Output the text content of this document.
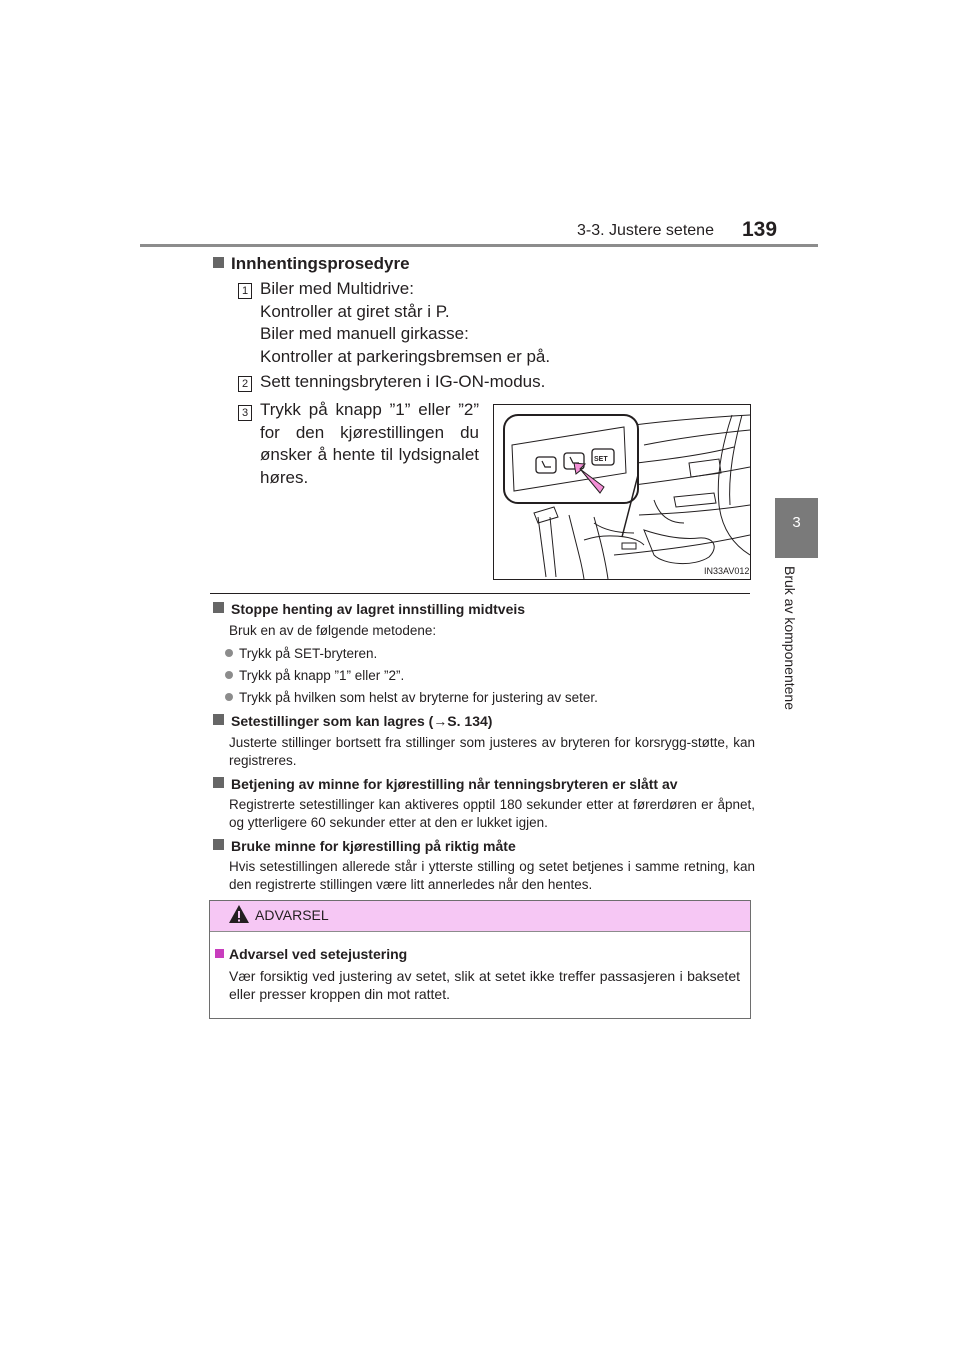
3-3. Justere setene 139
3
Bruk av komponentene
Innhentingsprosedyre
1 Biler med Multidrive:
Kontroller at giret står i P.
Biler med manuell girkasse:
Kontroller at parkeringsbremsen er på.
2 Sett tenningsbryteren i IG-ON-modus.
3 Trykk på knapp ”1” eller ”2” for den kjørestillingen du ønsker å hente til lydsignalet høres.
SET
IN33AV012
Stoppe henting av lagret innstilling midtveis
Bruk en av de følgende metodene:
Trykk på SET-bryteren.
Trykk på knapp ”1” eller ”2”.
Trykk på hvilken som helst av bryterne for justering av seter.
Setestillinger som kan lagres (→S. 134)
Justerte stillinger bortsett fra stillinger som justeres av bryteren for korsrygg-støtte, kan registreres.
Betjening av minne for kjørestilling når tenningsbryteren er slått av
Registrerte setestillinger kan aktiveres opptil 180 sekunder etter at førerdøren er åpnet, og ytterligere 60 sekunder etter at den er lukket igjen.
Bruke minne for kjørestilling på riktig måte
Hvis setestillingen allerede står i ytterste stilling og setet betjenes i samme retning, kan den registrerte stillingen være litt annerledes når den hentes.
ADVARSEL
Advarsel ved setejustering
Vær forsiktig ved justering av setet, slik at setet ikke treffer passasjeren i baksetet eller presser kroppen din mot rattet.
